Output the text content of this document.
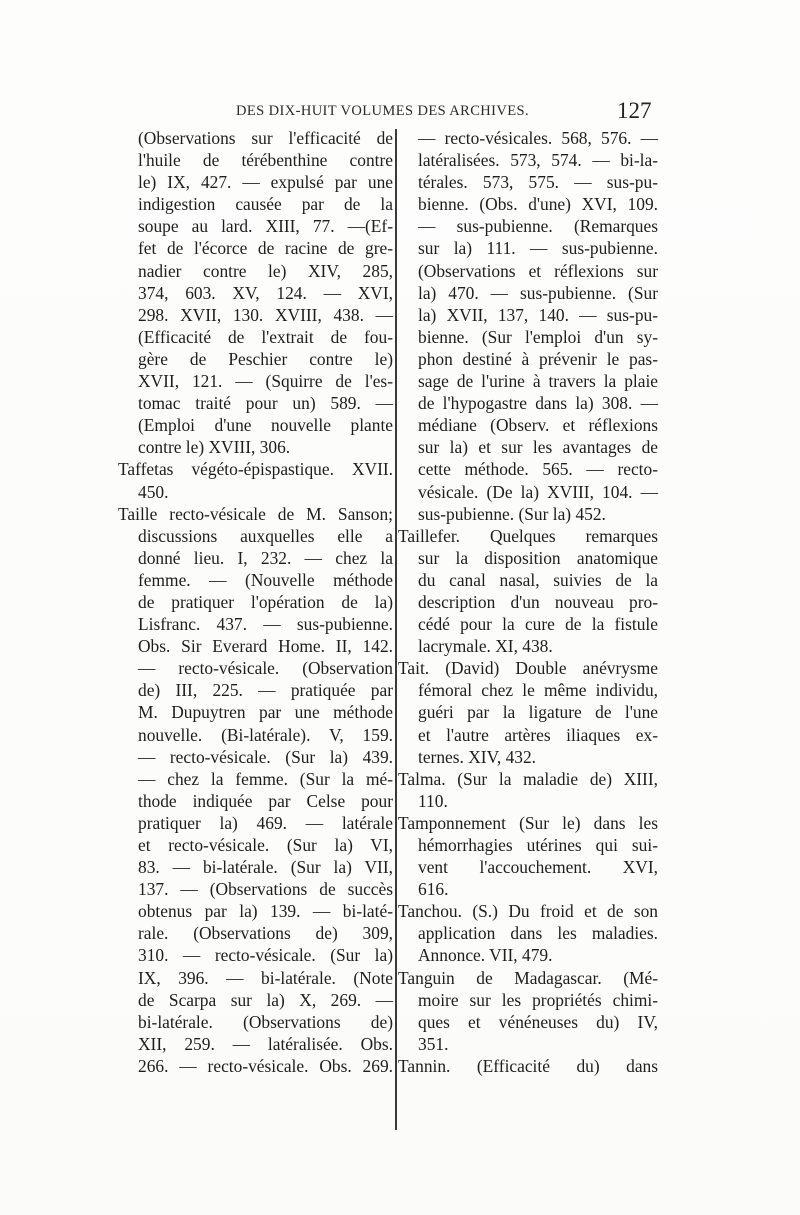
DES DIX-HUIT VOLUMES DES ARCHIVES.	127
(Observations sur l'efficacité de
l'huile de térébenthine contre
le) IX, 427. — expulsé par une
indigestion causée par de la
soupe au lard. XIII, 77. —(Ef-
fet de l'écorce de racine de gre-
nadier contre le) XIV, 285,
374, 603. XV, 124. — XVI,
298. XVII, 130. XVIII, 438. —
(Efficacité de l'extrait de fou-
gère de Peschier contre le)
XVII, 121. — (Squirre de l'es-
tomac traité pour un) 589. —
(Emploi d'une nouvelle plante
contre le) XVIII, 306.
Taffetas végéto-épispastique. XVII.
450.
Taille recto-vésicale de M. Sanson;
discussions auxquelles elle a
donné lieu. I, 232. — chez la
femme. — (Nouvelle méthode
de pratiquer l'opération de la)
Lisfranc. 437. — sus-pubienne.
Obs. Sir Everard Home. II, 142.
— recto-vésicale. (Observation
de) III, 225. — pratiquée par
M. Dupuytren par une méthode
nouvelle. (Bi-latérale). V, 159.
— recto-vésicale. (Sur la) 439.
— chez la femme. (Sur la mé-
thode indiquée par Celse pour
pratiquer la) 469. — latérale
et recto-vésicale. (Sur la) VI,
83. — bi-latérale. (Sur la) VII,
137. — (Observations de succès
obtenus par la) 139. — bi-laté-
rale. (Observations de) 309,
310. — recto-vésicale. (Sur la)
IX, 396. — bi-latérale. (Note
de Scarpa sur la) X, 269. —
bi-latérale. (Observations de)
XII, 259. — latéralisée. Obs.
266. — recto-vésicale. Obs. 269.
— recto-vésicales. 568, 576. —
latéralisées. 573, 574. — bi-la-
térales. 573, 575. — sus-pu-
bienne. (Obs. d'une) XVI, 109.
— sus-pubienne. (Remarques
sur la) 111. — sus-pubienne.
(Observations et réflexions sur
la) 470. — sus-pubienne. (Sur
la) XVII, 137, 140. — sus-pu-
bienne. (Sur l'emploi d'un sy-
phon destiné à prévenir le pas-
sage de l'urine à travers la plaie
de l'hypogastre dans la) 308. —
médiane (Observ. et réflexions
sur la) et sur les avantages de
cette méthode. 565. — recto-
vésicale. (De la) XVIII, 104. —
sus-pubienne. (Sur la) 452.
Taillefer. Quelques remarques
sur la disposition anatomique
du canal nasal, suivies de la
description d'un nouveau pro-
cédé pour la cure de la fistule
lacrymale. XI, 438.
Tait. (David) Double anévrysme
fémoral chez le même individu,
guéri par la ligature de l'une
et l'autre artères iliaques ex-
ternes. XIV, 432.
Talma. (Sur la maladie de) XIII,
110.
Tamponnement (Sur le) dans les
hémorrhagies utérines qui sui-
vent l'accouchement. XVI,
616.
Tanchou. (S.) Du froid et de son
application dans les maladies.
Annonce. VII, 479.
Tanguin de Madagascar. (Mé-
moire sur les propriétés chimi-
ques et vénéneuses du) IV,
351.
Tannin. (Efficacité du) dans
